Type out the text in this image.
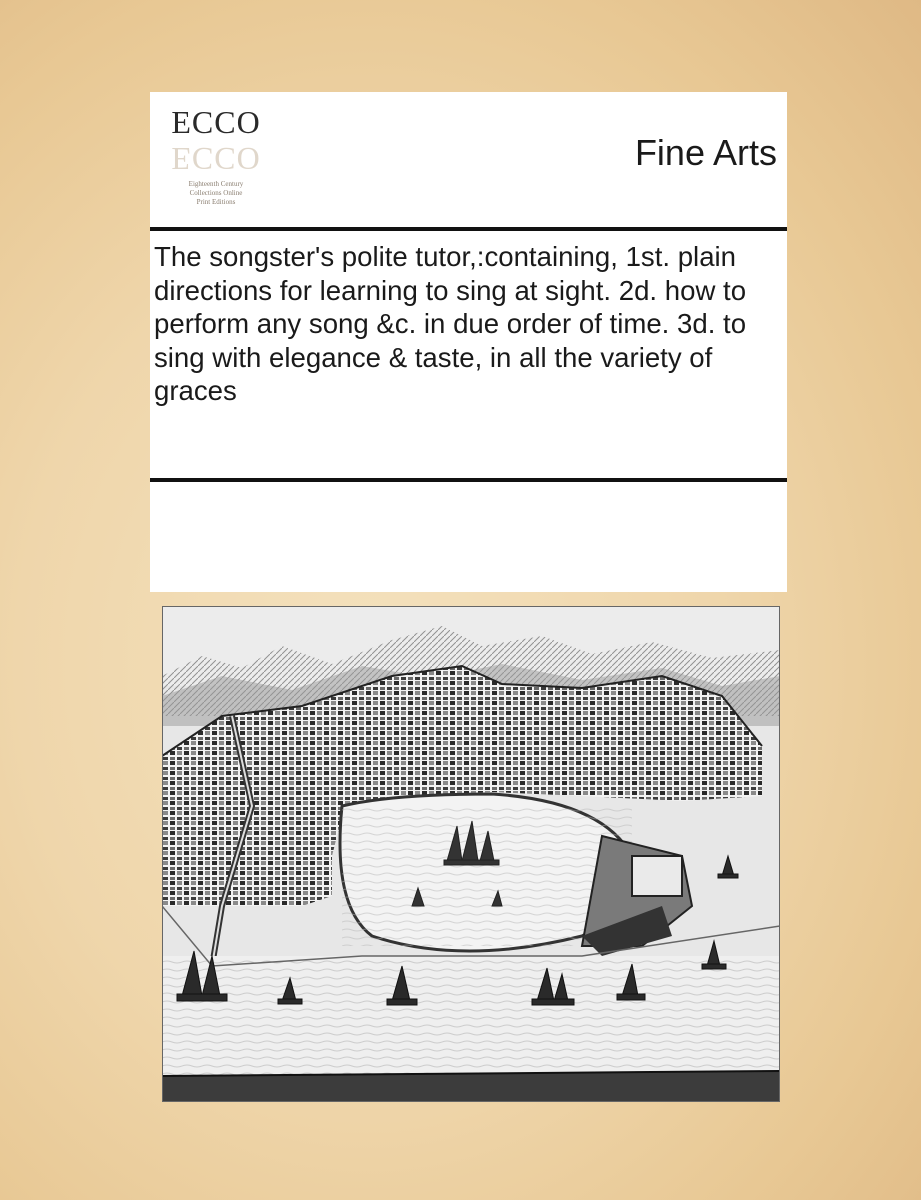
ECCO
ECCO
Eighteenth Century
Collections Online
Print Editions
Fine Arts
The songster's polite tutor,:containing, 1st. plain directions for learning to sing at sight. 2d. how to perform any song &c. in due order of time. 3d. to sing with elegance & taste, in all the variety of graces
